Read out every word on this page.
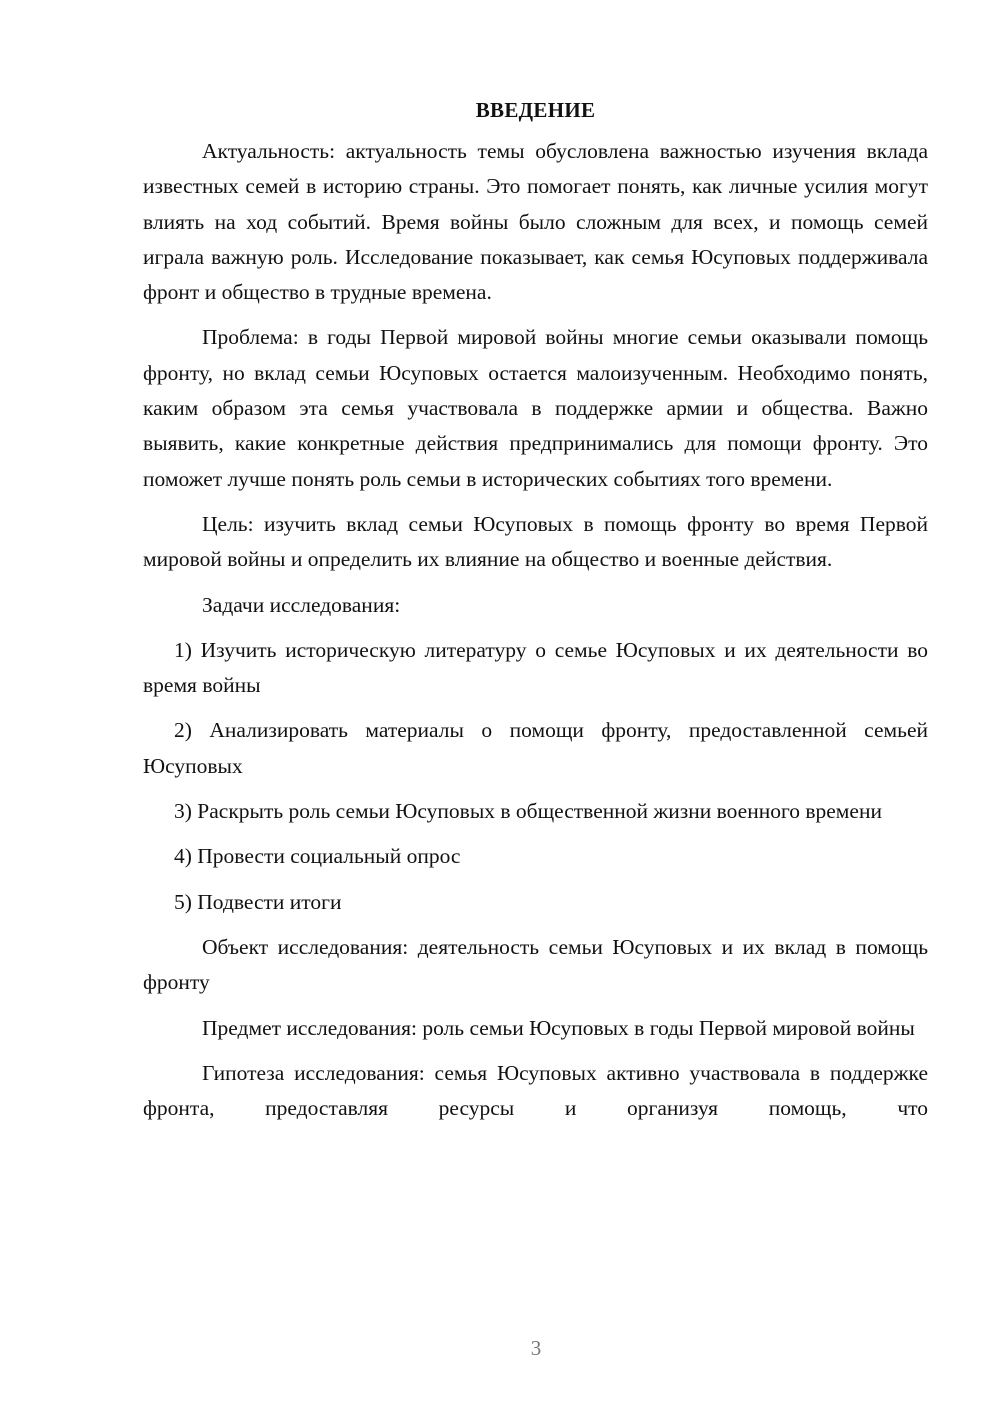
ВВЕДЕНИЕ

Актуальность: актуальность темы обусловлена важностью изучения вклада известных семей в историю страны. Это помогает понять, как личные усилия могут влиять на ход событий. Время войны было сложным для всех, и помощь семей играла важную роль. Исследование показывает, как семья Юсуповых поддерживала фронт и общество в трудные времена.

Проблема: в годы Первой мировой войны многие семьи оказывали помощь фронту, но вклад семьи Юсуповых остается малоизученным. Необходимо понять, каким образом эта семья участвовала в поддержке армии и общества. Важно выявить, какие конкретные действия предпринимались для помощи фронту. Это поможет лучше понять роль семьи в исторических событиях того времени.

Цель: изучить вклад семьи Юсуповых в помощь фронту во время Первой мировой войны и определить их влияние на общество и военные действия.

Задачи исследования:

1) Изучить историческую литературу о семье Юсуповых и их деятельности во время войны

2) Анализировать материалы о помощи фронту, предоставленной семьей Юсуповых

3) Раскрыть роль семьи Юсуповых в общественной жизни военного времени

4) Провести социальный опрос

5) Подвести итоги

Объект исследования: деятельность семьи Юсуповых и их вклад в помощь фронту

Предмет исследования: роль семьи Юсуповых в годы Первой мировой войны

Гипотеза исследования: семья Юсуповых активно участвовала в поддержке фронта, предоставляя ресурсы и организуя помощь, что

3
